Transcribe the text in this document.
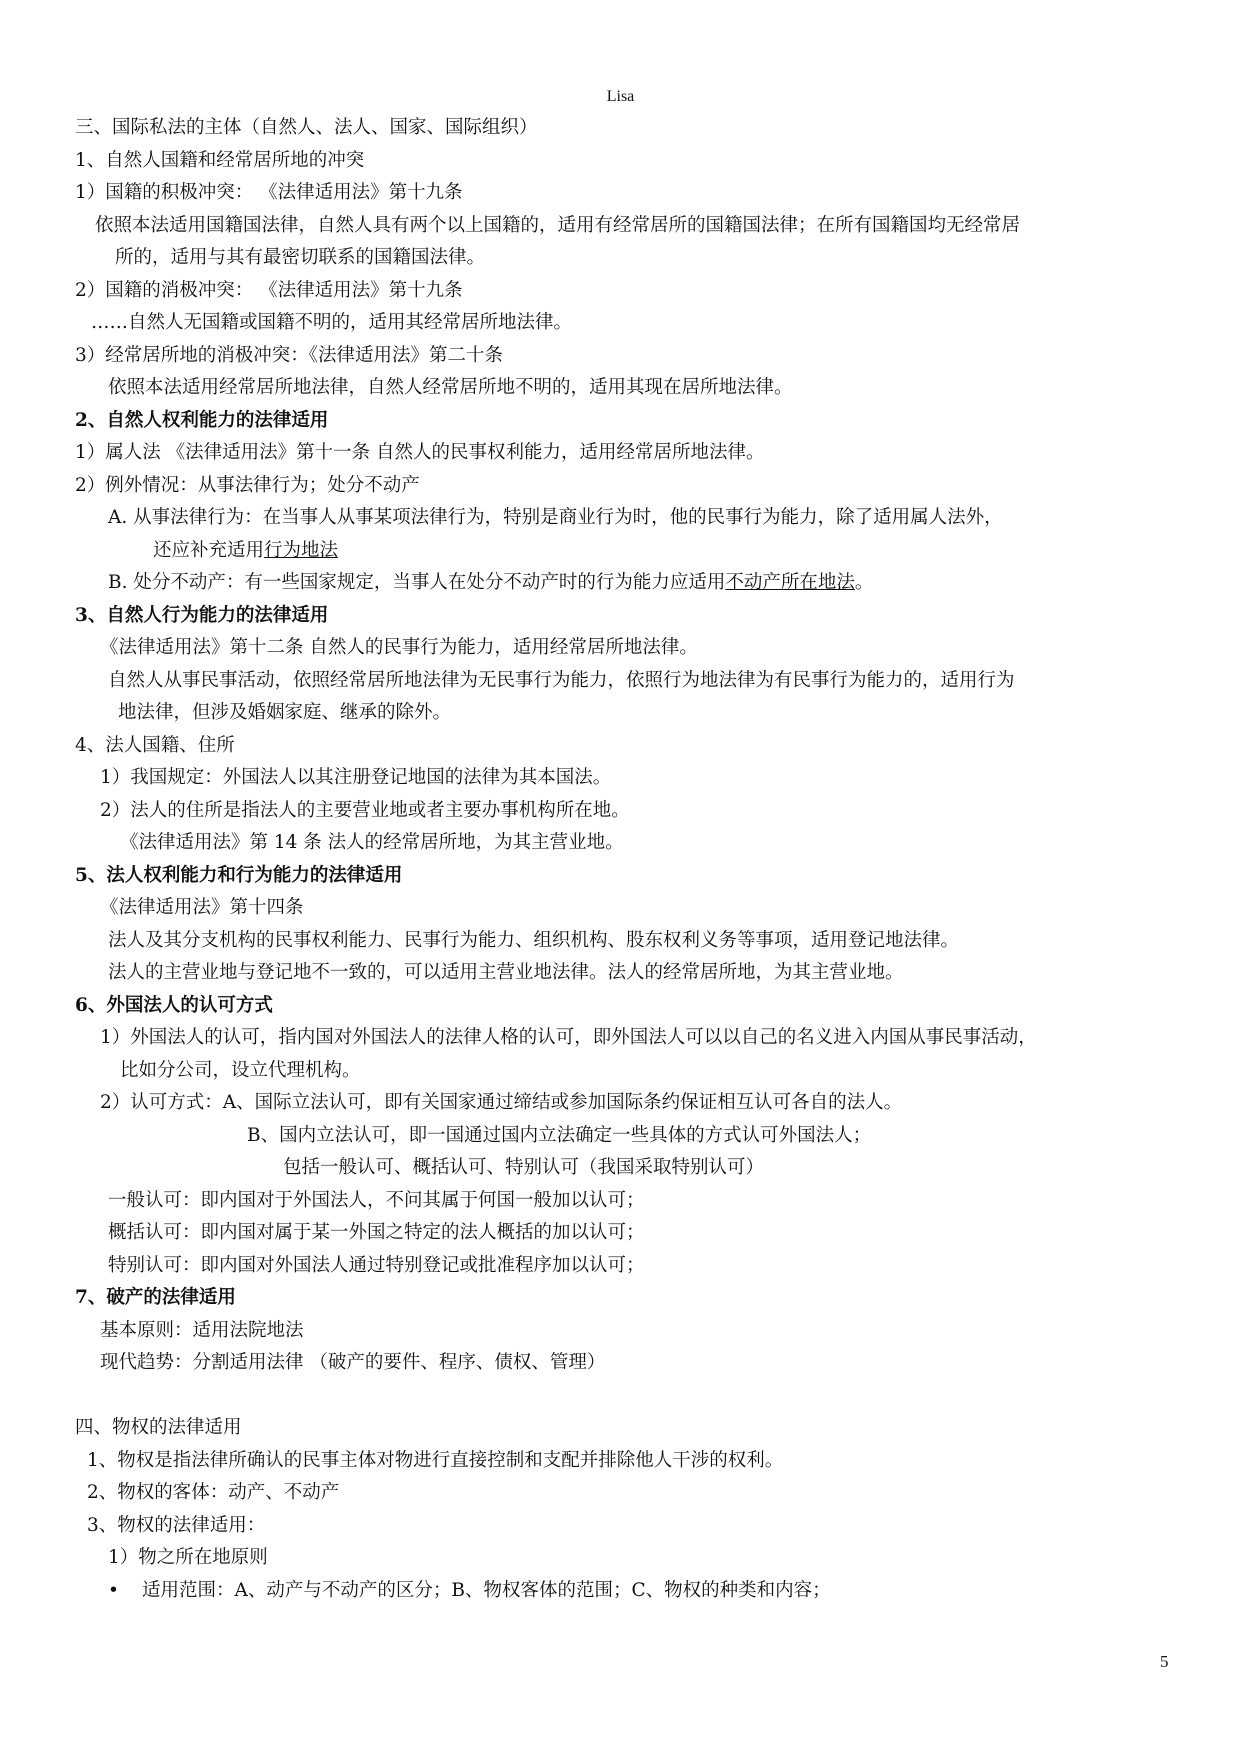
Lisa
三、国际私法的主体（自然人、法人、国家、国际组织）
1、自然人国籍和经常居所地的冲突
1）国籍的积极冲突： 《法律适用法》第十九条
依照本法适用国籍国法律，自然人具有两个以上国籍的，适用有经常居所的国籍国法律；在所有国籍国均无经常居
所的，适用与其有最密切联系的国籍国法律。
2）国籍的消极冲突： 《法律适用法》第十九条
……自然人无国籍或国籍不明的，适用其经常居所地法律。
3）经常居所地的消极冲突：《法律适用法》第二十条
依照本法适用经常居所地法律，自然人经常居所地不明的，适用其现在居所地法律。
2、自然人权利能力的法律适用
1）属人法 《法律适用法》第十一条 自然人的民事权利能力，适用经常居所地法律。
2）例外情况：从事法律行为；处分不动产
A. 从事法律行为：在当事人从事某项法律行为，特别是商业行为时，他的民事行为能力，除了适用属人法外，
还应补充适用行为地法
B. 处分不动产：有一些国家规定，当事人在处分不动产时的行为能力应适用不动产所在地法。
3、自然人行为能力的法律适用
《法律适用法》第十二条 自然人的民事行为能力，适用经常居所地法律。
自然人从事民事活动，依照经常居所地法律为无民事行为能力，依照行为地法律为有民事行为能力的，适用行为
地法律，但涉及婚姻家庭、继承的除外。
4、法人国籍、住所
1）我国规定：外国法人以其注册登记地国的法律为其本国法。
2）法人的住所是指法人的主要营业地或者主要办事机构所在地。
《法律适用法》第 14 条 法人的经常居所地，为其主营业地。
5、法人权利能力和行为能力的法律适用
《法律适用法》第十四条
法人及其分支机构的民事权利能力、民事行为能力、组织机构、股东权利义务等事项，适用登记地法律。
法人的主营业地与登记地不一致的，可以适用主营业地法律。法人的经常居所地，为其主营业地。
6、外国法人的认可方式
1）外国法人的认可，指内国对外国法人的法律人格的认可，即外国法人可以以自己的名义进入内国从事民事活动，
比如分公司，设立代理机构。
2）认可方式：A、国际立法认可，即有关国家通过缔结或参加国际条约保证相互认可各自的法人。
B、国内立法认可，即一国通过国内立法确定一些具体的方式认可外国法人；
包括一般认可、概括认可、特别认可（我国采取特别认可）
一般认可：即内国对于外国法人，不问其属于何国一般加以认可；
概括认可：即内国对属于某一外国之特定的法人概括的加以认可；
特别认可：即内国对外国法人通过特别登记或批准程序加以认可；
7、破产的法律适用
基本原则：适用法院地法
现代趋势：分割适用法律 （破产的要件、程序、债权、管理）
四、物权的法律适用
1、物权是指法律所确认的民事主体对物进行直接控制和支配并排除他人干涉的权利。
2、物权的客体：动产、不动产
3、物权的法律适用：
1）物之所在地原则
• 适用范围：A、动产与不动产的区分；B、物权客体的范围；C、物权的种类和内容；
5
